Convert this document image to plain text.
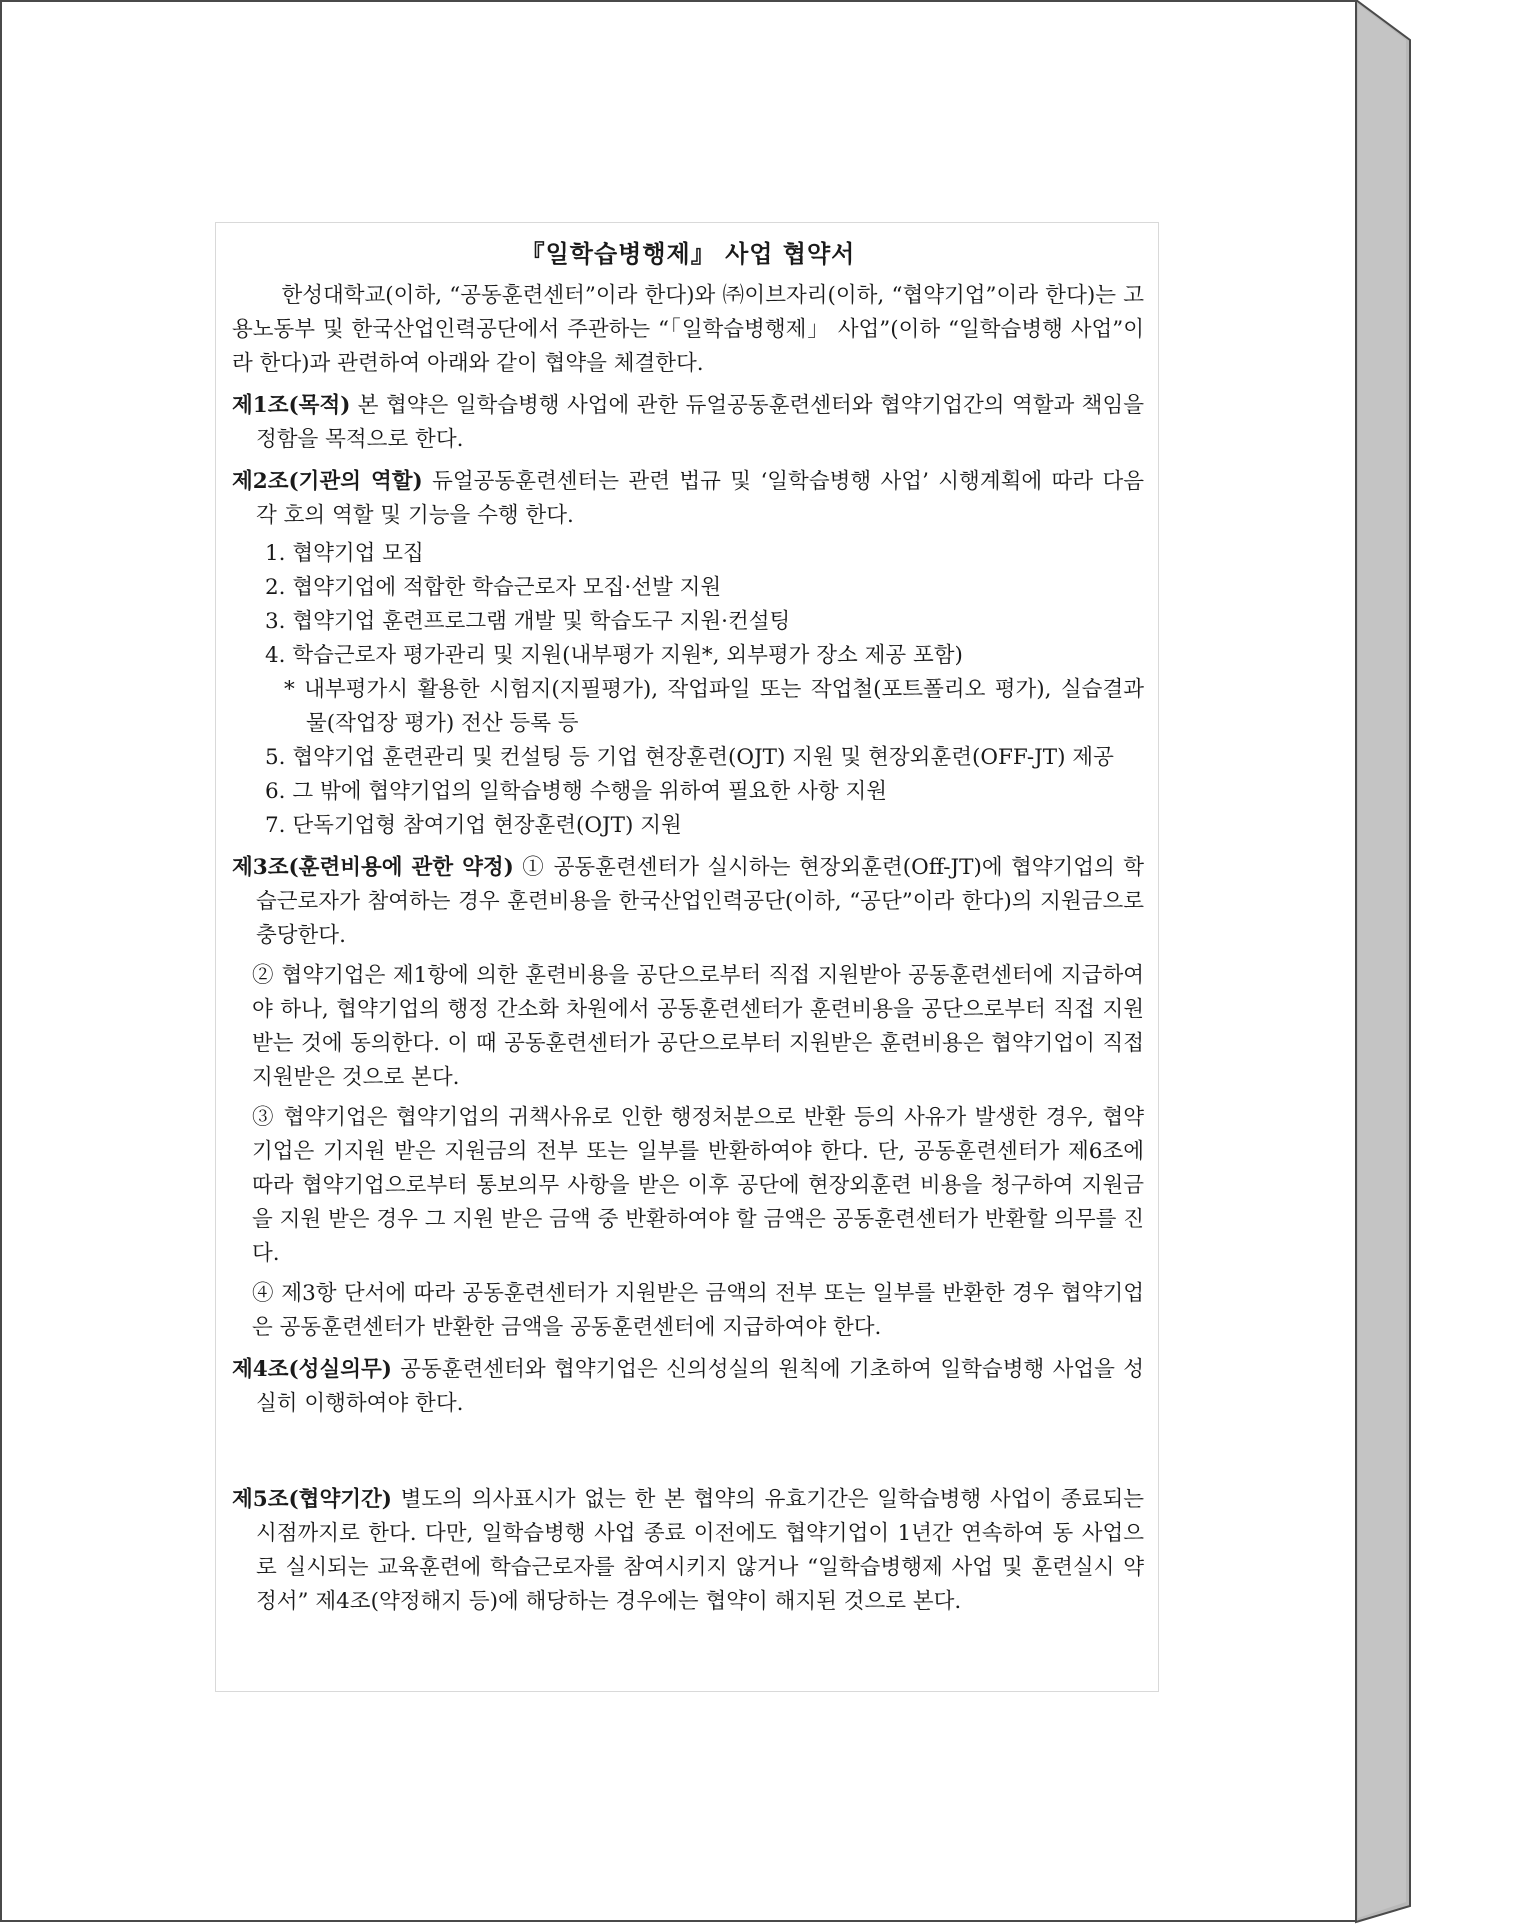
『일학습병행제』 사업 협약서

한성대학교(이하, “공동훈련센터”이라 한다)와 ㈜이브자리(이하, “협약기업”이라 한다)는 고용노동부 및 한국산업인력공단에서 주관하는 “「일학습병행제」 사업”(이하 “일학습병행 사업”이라 한다)과 관련하여 아래와 같이 협약을 체결한다.

제1조(목적) 본 협약은 일학습병행 사업에 관한 듀얼공동훈련센터와 협약기업간의 역할과 책임을 정함을 목적으로 한다.

제2조(기관의 역할) 듀얼공동훈련센터는 관련 법규 및 ‘일학습병행 사업’ 시행계획에 따라 다음 각 호의 역할 및 기능을 수행 한다.

1. 협약기업 모집
2. 협약기업에 적합한 학습근로자 모집·선발 지원
3. 협약기업 훈련프로그램 개발 및 학습도구 지원·컨설팅
4. 학습근로자 평가관리 및 지원(내부평가 지원*, 외부평가 장소 제공 포함)

* 내부평가시 활용한 시험지(지필평가), 작업파일 또는 작업철(포트폴리오 평가), 실습결과물(작업장 평가) 전산 등록 등

5. 협약기업 훈련관리 및 컨설팅 등 기업 현장훈련(OJT) 지원 및 현장외훈련(OFF-JT) 제공
6. 그 밖에 협약기업의 일학습병행 수행을 위하여 필요한 사항 지원
7. 단독기업형 참여기업 현장훈련(OJT) 지원

제3조(훈련비용에 관한 약정) ① 공동훈련센터가 실시하는 현장외훈련(Off-JT)에 협약기업의 학습근로자가 참여하는 경우 훈련비용을 한국산업인력공단(이하, “공단”이라 한다)의 지원금으로 충당한다.

② 협약기업은 제1항에 의한 훈련비용을 공단으로부터 직접 지원받아 공동훈련센터에 지급하여야 하나, 협약기업의 행정 간소화 차원에서 공동훈련센터가 훈련비용을 공단으로부터 직접 지원받는 것에 동의한다. 이 때 공동훈련센터가 공단으로부터 지원받은 훈련비용은 협약기업이 직접 지원받은 것으로 본다.

③ 협약기업은 협약기업의 귀책사유로 인한 행정처분으로 반환 등의 사유가 발생한 경우, 협약기업은 기지원 받은 지원금의 전부 또는 일부를 반환하여야 한다. 단, 공동훈련센터가 제6조에 따라 협약기업으로부터 통보의무 사항을 받은 이후 공단에 현장외훈련 비용을 청구하여 지원금을 지원 받은 경우 그 지원 받은 금액 중 반환하여야 할 금액은 공동훈련센터가 반환할 의무를 진다.

④ 제3항 단서에 따라 공동훈련센터가 지원받은 금액의 전부 또는 일부를 반환한 경우 협약기업은 공동훈련센터가 반환한 금액을 공동훈련센터에 지급하여야 한다.

제4조(성실의무) 공동훈련센터와 협약기업은 신의성실의 원칙에 기초하여 일학습병행 사업을 성실히 이행하여야 한다.

제5조(협약기간) 별도의 의사표시가 없는 한 본 협약의 유효기간은 일학습병행 사업이 종료되는 시점까지로 한다. 다만, 일학습병행 사업 종료 이전에도 협약기업이 1년간 연속하여 동 사업으로 실시되는 교육훈련에 학습근로자를 참여시키지 않거나 “일학습병행제 사업 및 훈련실시 약정서” 제4조(약정해지 등)에 해당하는 경우에는 협약이 해지된 것으로 본다.
